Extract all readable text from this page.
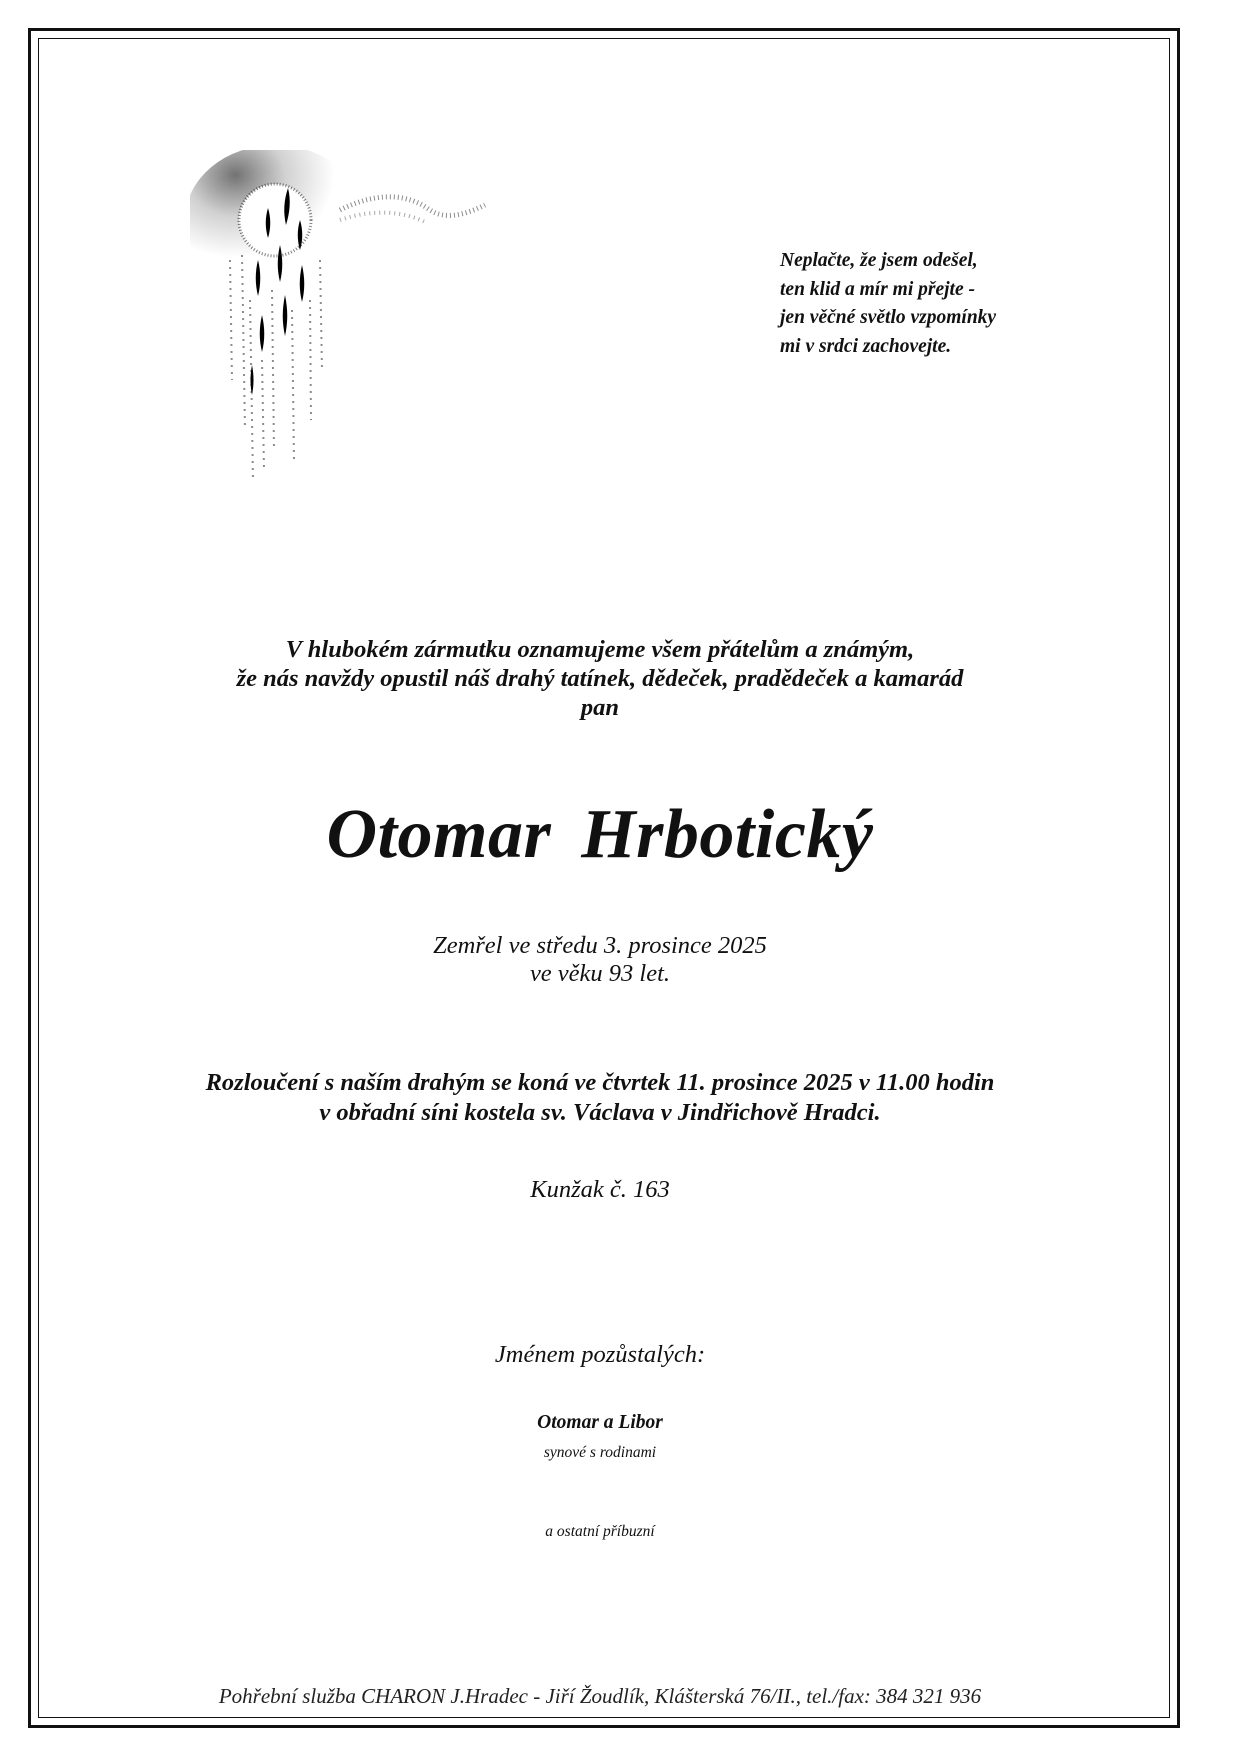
Neplačte, že jsem odešel,
ten klid a mír mi přejte -
jen věčné světlo vzpomínky
mi v srdci zachovejte.
V hlubokém zármutku oznamujeme všem přátelům a známým,
že nás navždy opustil náš drahý tatínek, dědeček, pradědeček a kamarád
pan
Otomar Hrbotický
Zemřel ve středu 3. prosince 2025
ve věku 93 let.
Rozloučení s naším drahým se koná ve čtvrtek 11. prosince 2025 v 11.00 hodin
v obřadní síni kostela sv. Václava v Jindřichově Hradci.
Kunžak č. 163
Jménem pozůstalých:
Otomar a Libor
synové s rodinami
a ostatní příbuzní
Pohřební služba CHARON J.Hradec - Jiří Žoudlík, Klášterská 76/II., tel./fax: 384 321 936
